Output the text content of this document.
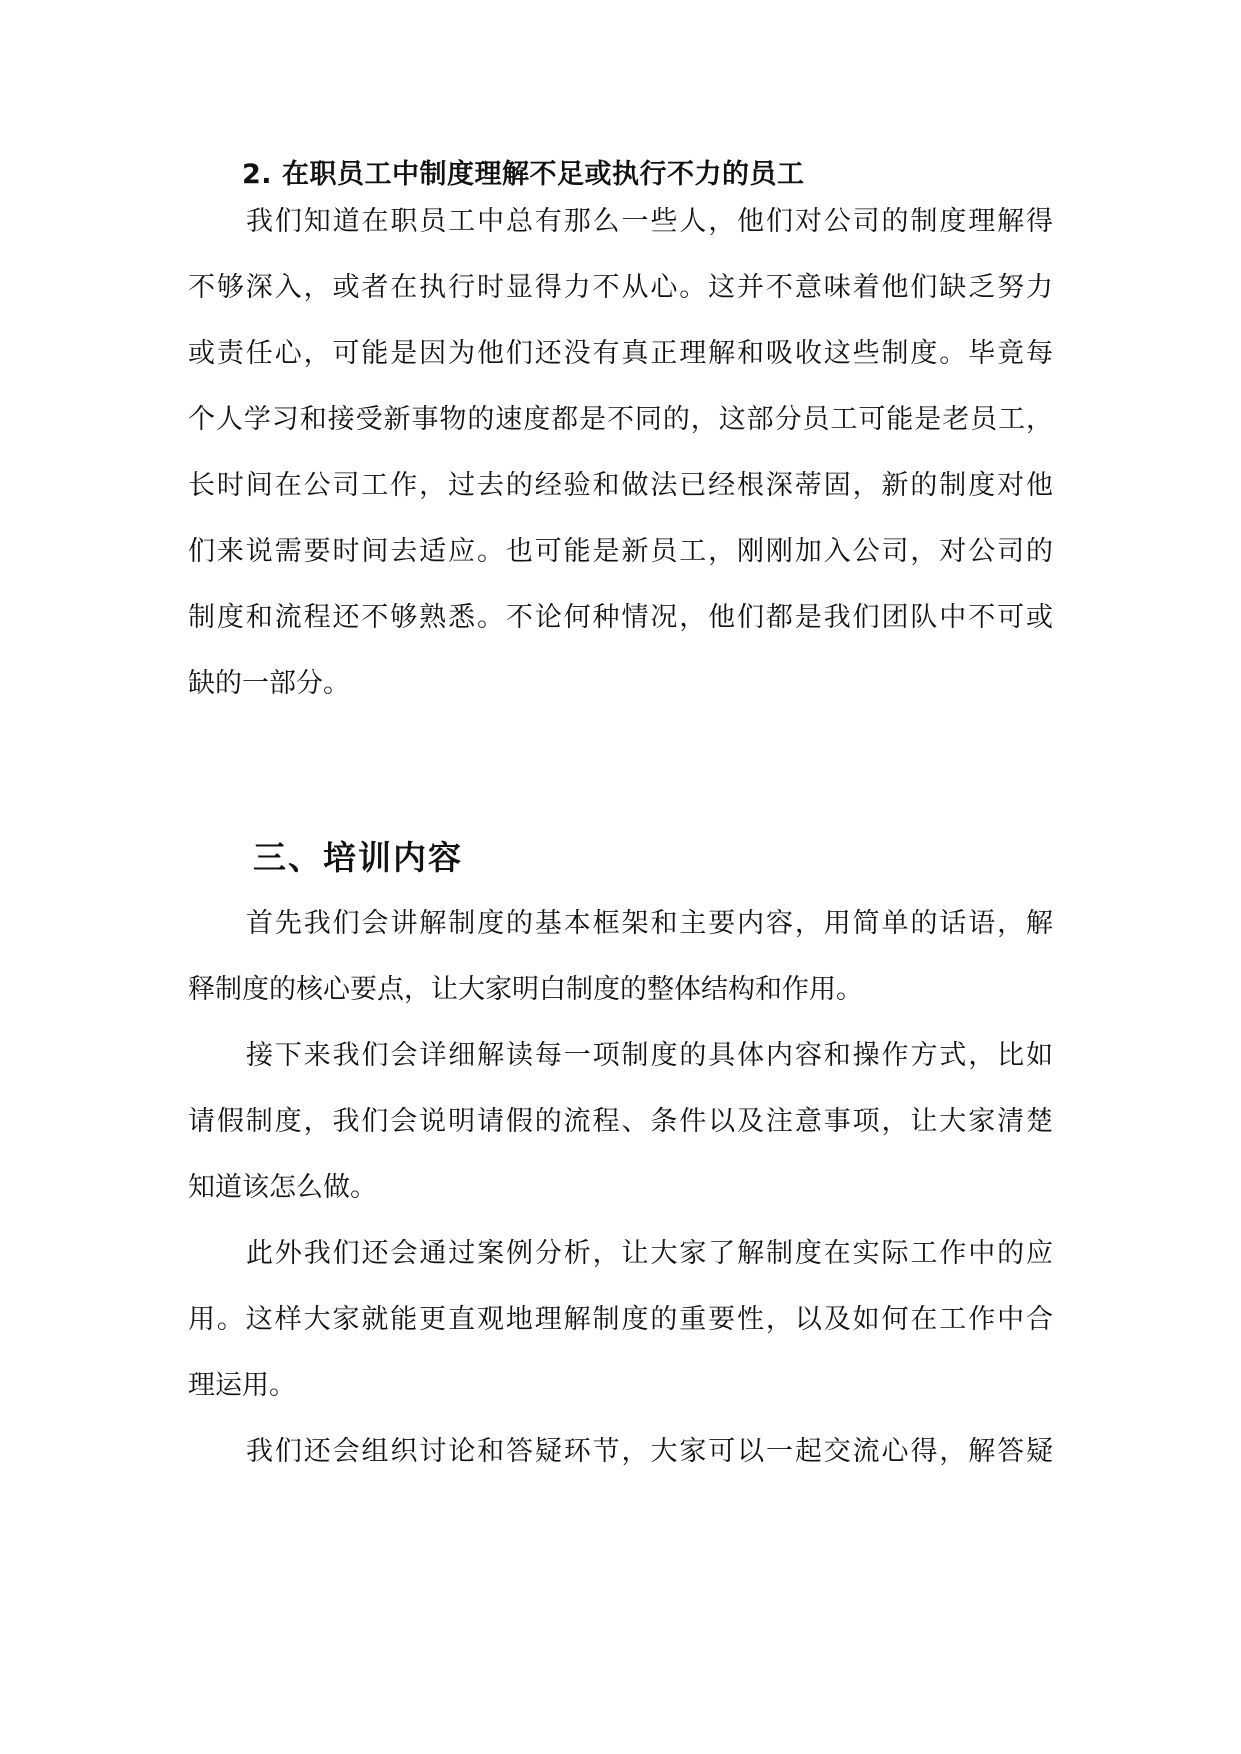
2. 在职员工中制度理解不足或执行不力的员工
我们知道在职员工中总有那么一些人，他们对公司的制度理解得
不够深入，或者在执行时显得力不从心。这并不意味着他们缺乏努力
或责任心，可能是因为他们还没有真正理解和吸收这些制度。毕竟每
个人学习和接受新事物的速度都是不同的，这部分员工可能是老员工，
长时间在公司工作，过去的经验和做法已经根深蒂固，新的制度对他
们来说需要时间去适应。也可能是新员工，刚刚加入公司，对公司的
制度和流程还不够熟悉。不论何种情况，他们都是我们团队中不可或
缺的一部分。
三、培训内容
首先我们会讲解制度的基本框架和主要内容，用简单的话语，解
释制度的核心要点，让大家明白制度的整体结构和作用。
接下来我们会详细解读每一项制度的具体内容和操作方式，比如
请假制度，我们会说明请假的流程、条件以及注意事项，让大家清楚
知道该怎么做。
此外我们还会通过案例分析，让大家了解制度在实际工作中的应
用。这样大家就能更直观地理解制度的重要性，以及如何在工作中合
理运用。
我们还会组织讨论和答疑环节，大家可以一起交流心得，解答疑
